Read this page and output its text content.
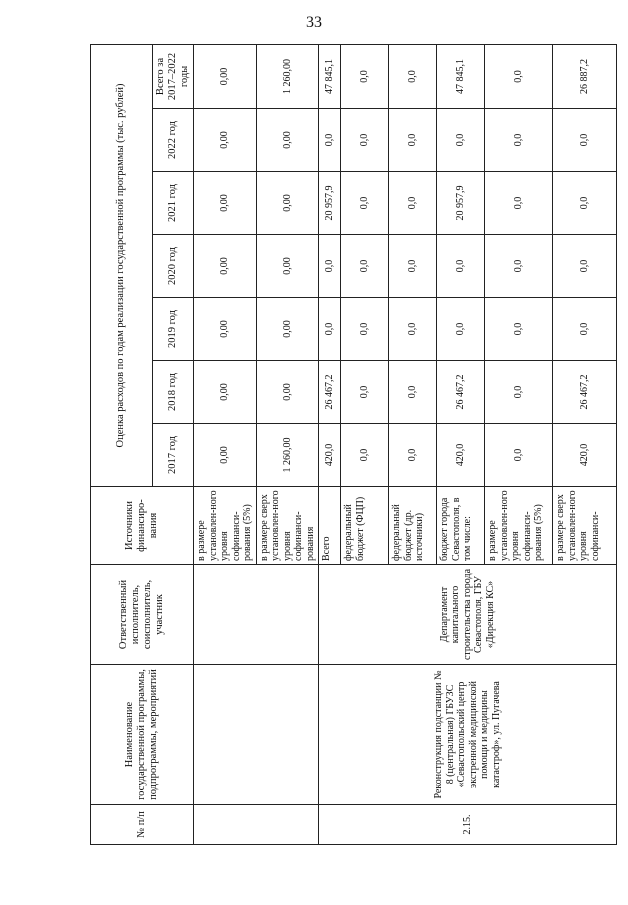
33
№ п/п	Наименование государственной программы, подпрограммы, мероприятий	Ответственный исполнитель, соисполнитель, участник	Источники финансиро-вания	Оценка расходов по годам реализации государственной программы (тыс. рублей)						
				2017 год	2018 год	2019 год	2020 год	2021 год	2022 год	Всего за 2017–2022 годы
			в размере установлен-ного уровня софинанси-рования (5%)	0,00	0,00	0,00	0,00	0,00	0,00	0,00
			в размере сверх установлен-ного уровня софинанси-рования	1 260,00	0,00	0,00	0,00	0,00	0,00	1 260,00
2.15.	Реконструкция подстанции № 8 (центральная) ГБУЗС «Севастопольский центр экстренной медицинской помощи и медицины катастроф», ул. Пугачева	Департамент капитального строительства города Севастополя, ГБУ «Дирекция КС»	Всего	420,0	26 467,2	0,0	0,0	20 957,9	0,0	47 845,1
			федеральный бюджет (ФЦП)	0,0	0,0	0,0	0,0	0,0	0,0	0,0
			федеральный бюджет (др. источники)	0,0	0,0	0,0	0,0	0,0	0,0	0,0
			бюджет города Севастополя, в том числе:	420,0	26 467,2	0,0	0,0	20 957,9	0,0	47 845,1
			в размере установлен-ного уровня софинанси-рования (5%)	0,0	0,0	0,0	0,0	0,0	0,0	0,0
			в размере сверх установлен-ного уровня софинанси-	420,0	26 467,2	0,0	0,0	0,0	0,0	26 887,2
